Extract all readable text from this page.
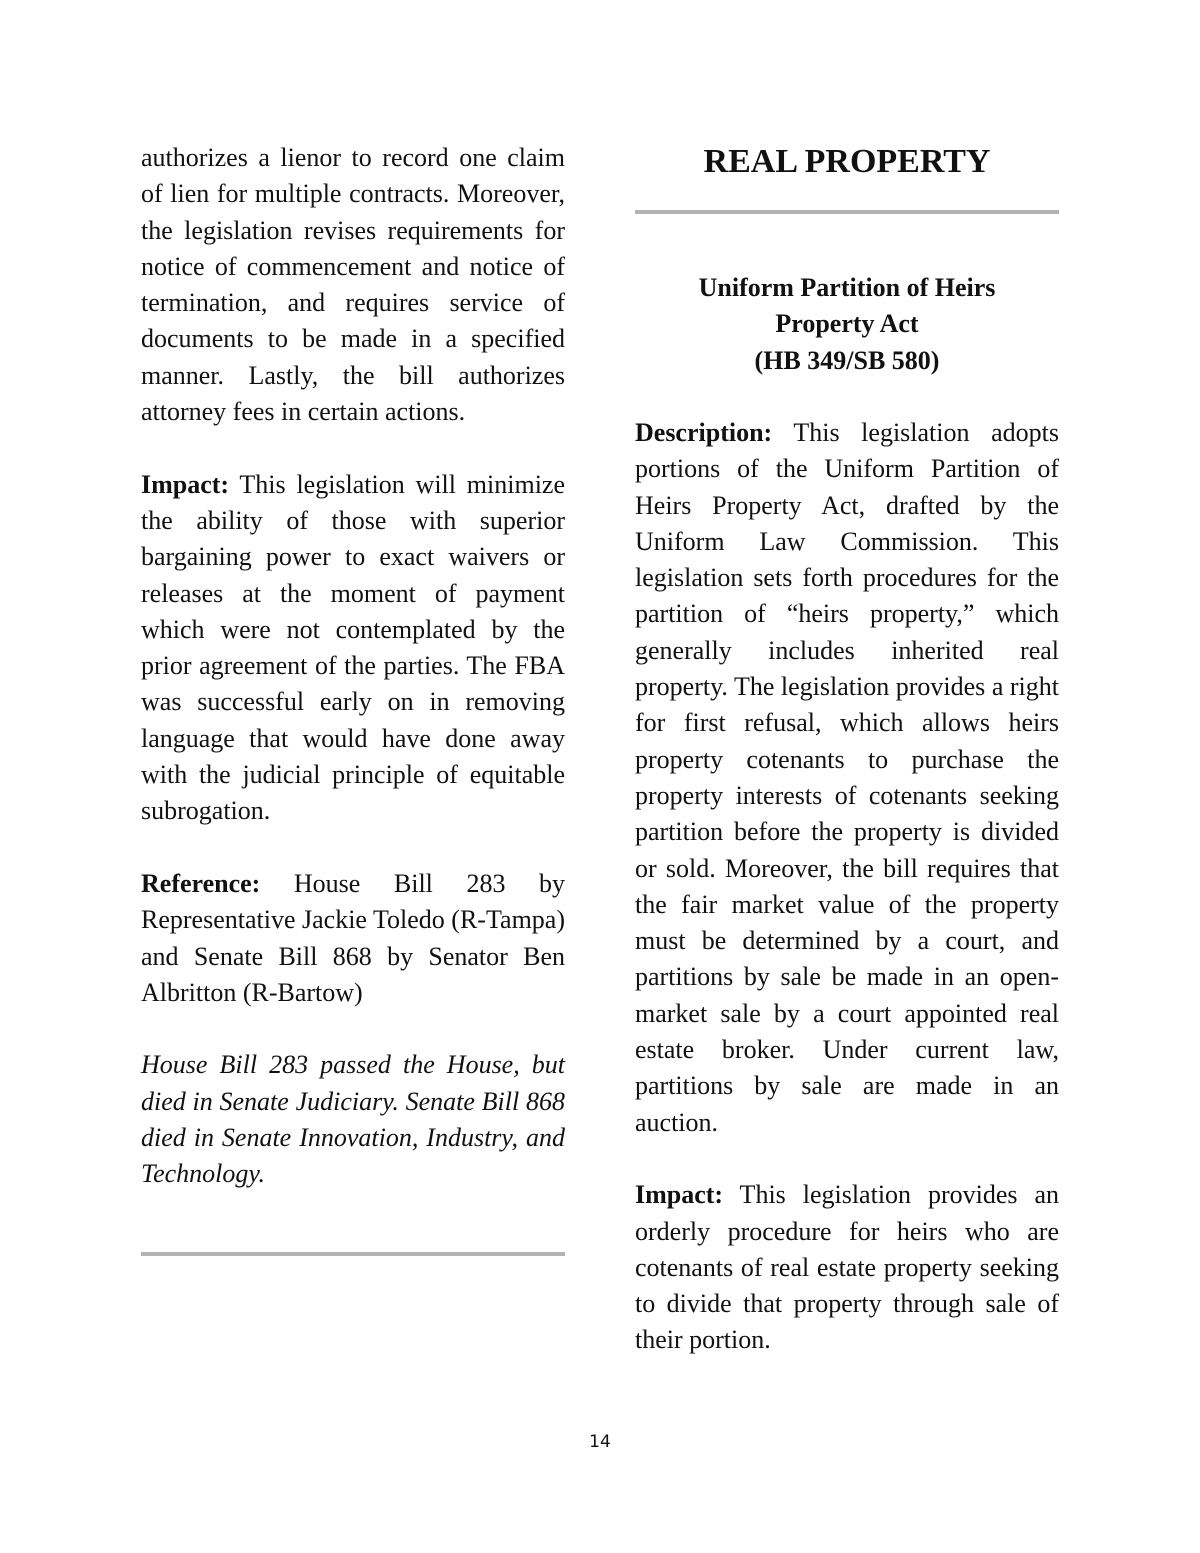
authorizes a lienor to record one claim of lien for multiple contracts. Moreover, the legislation revises requirements for notice of commencement and notice of termination, and requires service of documents to be made in a specified manner. Lastly, the bill authorizes attorney fees in certain actions.

Impact: This legislation will minimize the ability of those with superior bargaining power to exact waivers or releases at the moment of payment which were not contemplated by the prior agreement of the parties. The FBA was successful early on in removing language that would have done away with the judicial principle of equitable subrogation.

Reference: House Bill 283 by Representative Jackie Toledo (R-Tampa) and Senate Bill 868 by Senator Ben Albritton (R-Bartow)

House Bill 283 passed the House, but died in Senate Judiciary. Senate Bill 868 died in Senate Innovation, Industry, and Technology.

REAL PROPERTY
Uniform Partition of Heirs
Property Act
(HB 349/SB 580)

Description: This legislation adopts portions of the Uniform Partition of Heirs Property Act, drafted by the Uniform Law Commission. This legislation sets forth procedures for the partition of “heirs property,” which generally includes inherited real property. The legislation provides a right for first refusal, which allows heirs property cotenants to purchase the property interests of cotenants seeking partition before the property is divided or sold. Moreover, the bill requires that the fair market value of the property must be determined by a court, and partitions by sale be made in an open-market sale by a court appointed real estate broker. Under current law, partitions by sale are made in an auction.

Impact: This legislation provides an orderly procedure for heirs who are cotenants of real estate property seeking to divide that property through sale of their portion.

14
